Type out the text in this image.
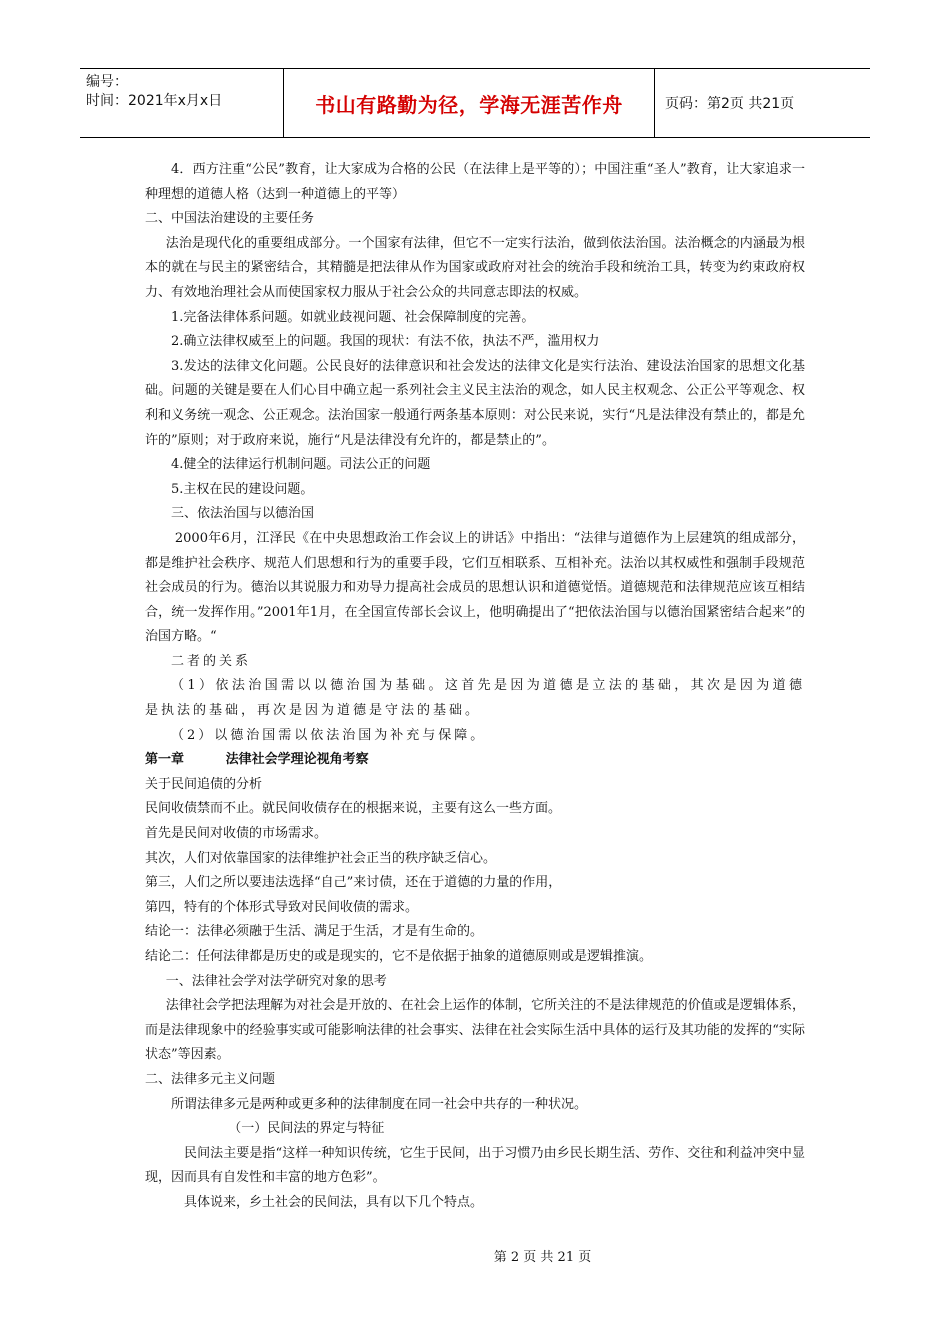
编号：
时间：2021年x月x日	书山有路勤为径，学海无涯苦作舟	页码：第2页 共21页

4．西方注重“公民”教育，让大家成为合格的公民（在法律上是平等的）；中国注重“圣人”教育，让大家追求一种理想的道德人格（达到一种道德上的平等）

二、中国法治建设的主要任务

法治是现代化的重要组成部分。一个国家有法律，但它不一定实行法治，做到依法治国。法治概念的内涵最为根本的就在与民主的紧密结合，其精髓是把法律从作为国家或政府对社会的统治手段和统治工具，转变为约束政府权力、有效地治理社会从而使国家权力服从于社会公众的共同意志即法的权威。

1.完备法律体系问题。如就业歧视问题、社会保障制度的完善。

2.确立法律权威至上的问题。我国的现状：有法不依，执法不严，滥用权力

3.发达的法律文化问题。公民良好的法律意识和社会发达的法律文化是实行法治、建设法治国家的思想文化基础。问题的关键是要在人们心目中确立起一系列社会主义民主法治的观念，如人民主权观念、公正公平等观念、权利和义务统一观念、公正观念。法治国家一般通行两条基本原则：对公民来说，实行“凡是法律没有禁止的，都是允许的”原则；对于政府来说，施行“凡是法律没有允许的，都是禁止的”。

4.健全的法律运行机制问题。司法公正的问题

5.主权在民的建设问题。

三、依法治国与以德治国

2000年6月，江泽民《在中央思想政治工作会议上的讲话》中指出：“法律与道德作为上层建筑的组成部分，都是维护社会秩序、规范人们思想和行为的重要手段，它们互相联系、互相补充。法治以其权威性和强制手段规范社会成员的行为。德治以其说服力和劝导力提高社会成员的思想认识和道德觉悟。道德规范和法律规范应该互相结合，统一发挥作用。”2001年1月，在全国宣传部长会议上，他明确提出了“把依法治国与以德治国紧密结合起来”的治国方略。“

二者的关系

（1）依法治国需以以德治国为基础。这首先是因为道德是立法的基础，其次是因为道德是执法的基础，再次是因为道德是守法的基础。

（2）以德治国需以依法治国为补充与保障。

第一章	法律社会学理论视角考察

关于民间追债的分析

民间收债禁而不止。就民间收债存在的根据来说，主要有这么一些方面。

首先是民间对收债的市场需求。

其次，人们对依靠国家的法律维护社会正当的秩序缺乏信心。

第三，人们之所以要违法选择“自己”来讨债，还在于道德的力量的作用，

第四，特有的个体形式导致对民间收债的需求。

结论一：法律必须融于生活、满足于生活，才是有生命的。

结论二：任何法律都是历史的或是现实的，它不是依据于抽象的道德原则或是逻辑推演。

一、法律社会学对法学研究对象的思考

法律社会学把法理解为对社会是开放的、在社会上运作的体制，它所关注的不是法律规范的价值或是逻辑体系，而是法律现象中的经验事实或可能影响法律的社会事实、法律在社会实际生活中具体的运行及其功能的发挥的“实际状态”等因素。

二、法律多元主义问题

所谓法律多元是两种或更多种的法律制度在同一社会中共存的一种状况。

（一）民间法的界定与特征

民间法主要是指“这样一种知识传统，它生于民间，出于习惯乃由乡民长期生活、劳作、交往和利益冲突中显现，因而具有自发性和丰富的地方色彩”。

具体说来，乡土社会的民间法，具有以下几个特点。

第 2 页 共 21 页
